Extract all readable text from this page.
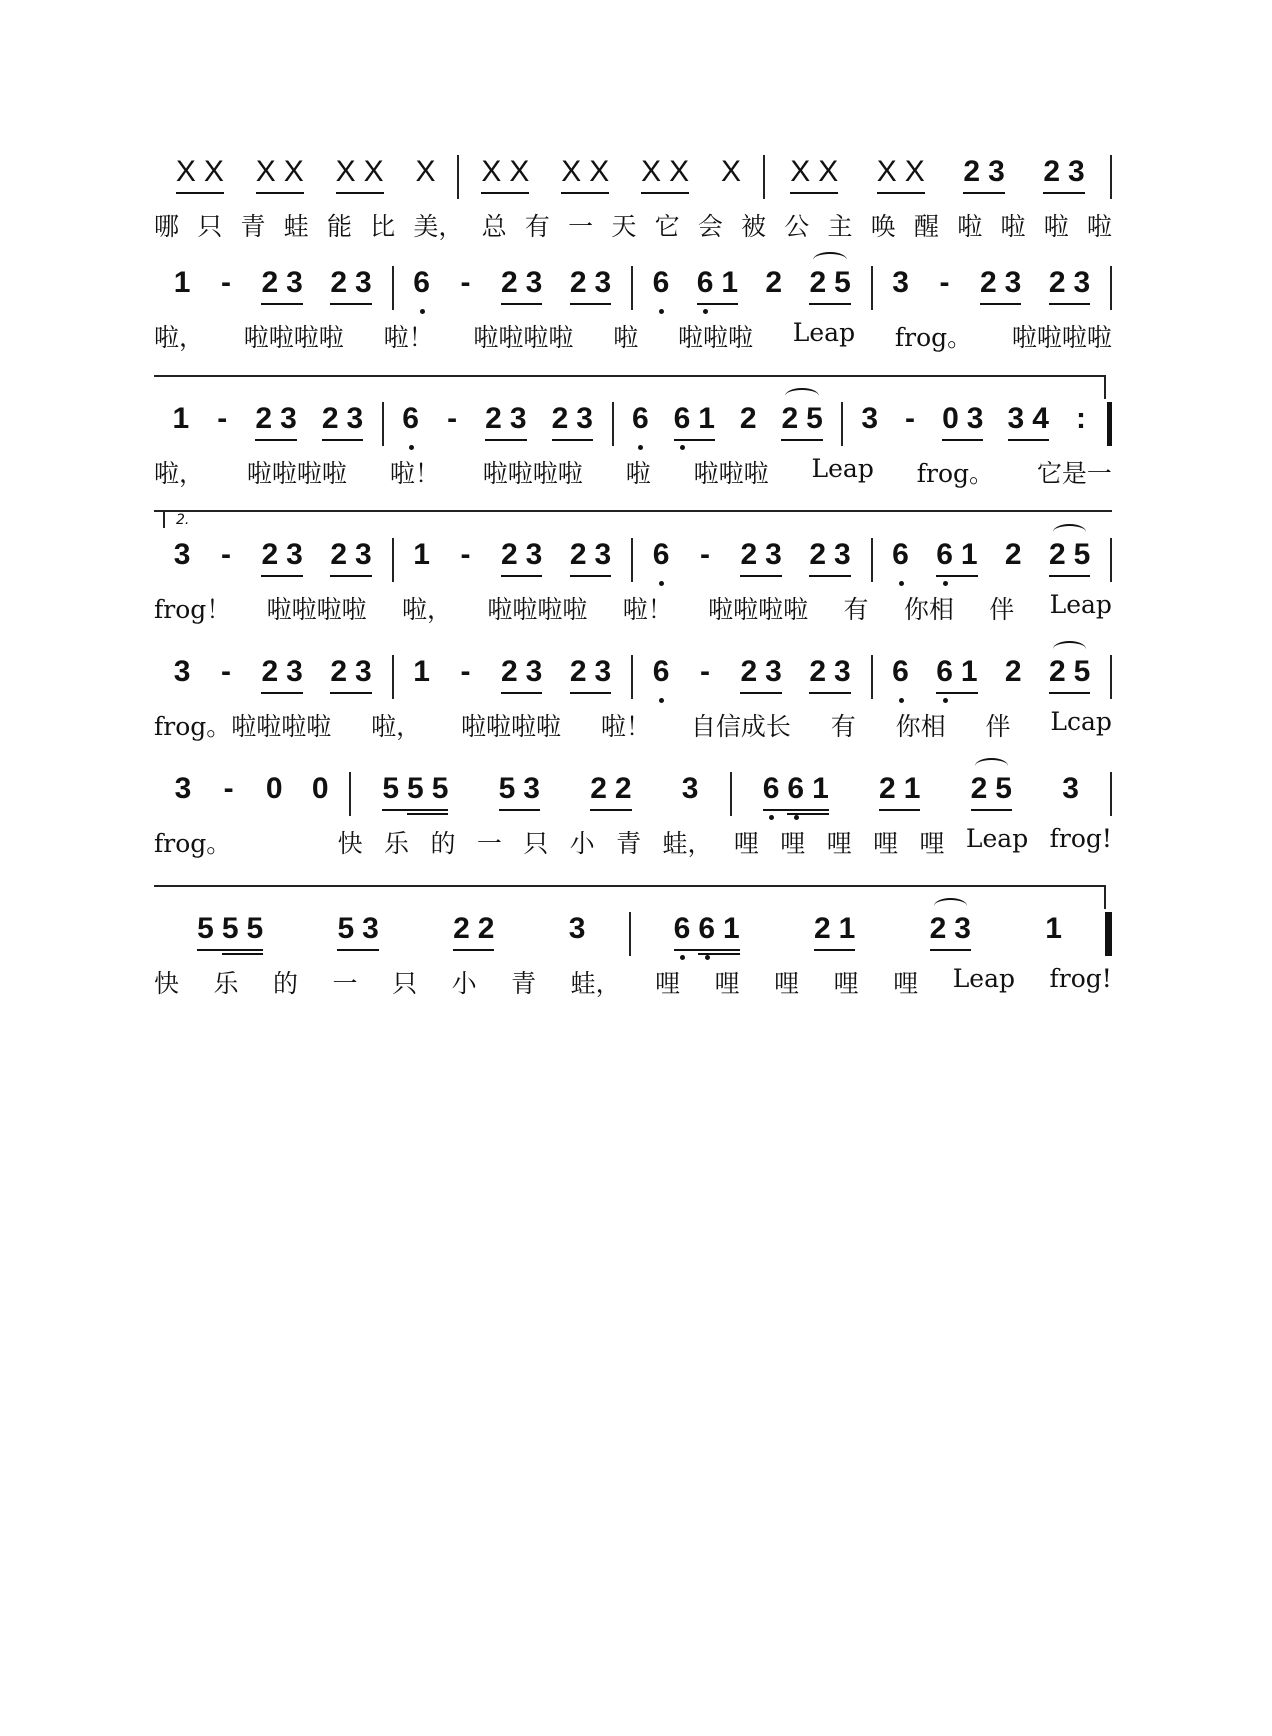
2.
X X X X X X X X X X X X X X X X X X 2 3 2 3
哪 只 青 蛙 能 比 美， 总 有 一 天 它 会 被 公 主 唤 醒 啦 啦 啦 啦
1 - 2 3 2 3 6 - 2 3 2 3 6 6 1 2 2 5 3 - 2 3 2 3
啦， 啦啦啦啦 啦！ 啦啦啦啦 啦 啦啦啦 Leap frog。 啦啦啦啦
1 - 2 3 2 3 6 - 2 3 2 3 6 6 1 2 2 5 3 - 0 3 3 4 :
啦， 啦啦啦啦 啦！ 啦啦啦啦 啦 啦啦啦 Leap frog。 它是一
3 - 2 3 2 3 1 - 2 3 2 3 6 - 2 3 2 3 6 6 1 2 2 5
frog！ 啦啦啦啦 啦， 啦啦啦啦 啦！ 啦啦啦啦 有 你相 伴 Leap
3 - 2 3 2 3 1 - 2 3 2 3 6 - 2 3 2 3 6 6 1 2 2 5
frog。啦啦啦啦 啦， 啦啦啦啦 啦！ 自信成长 有 你相 伴 Lcap
3 - 0 0 5 5 5 5 3 2 2 3 6 6 1 2 1 2 5 3
frog。
	快 乐 的 一 只 小 青 蛙， 哩 哩 哩 哩 哩 Leap frog!
5 5 5 5 3 2 2 3	6 6 1 2 1 2 3 1
快 乐 的 一 只 小 青 蛙， 哩 哩 哩 哩 哩 Leap frog!
